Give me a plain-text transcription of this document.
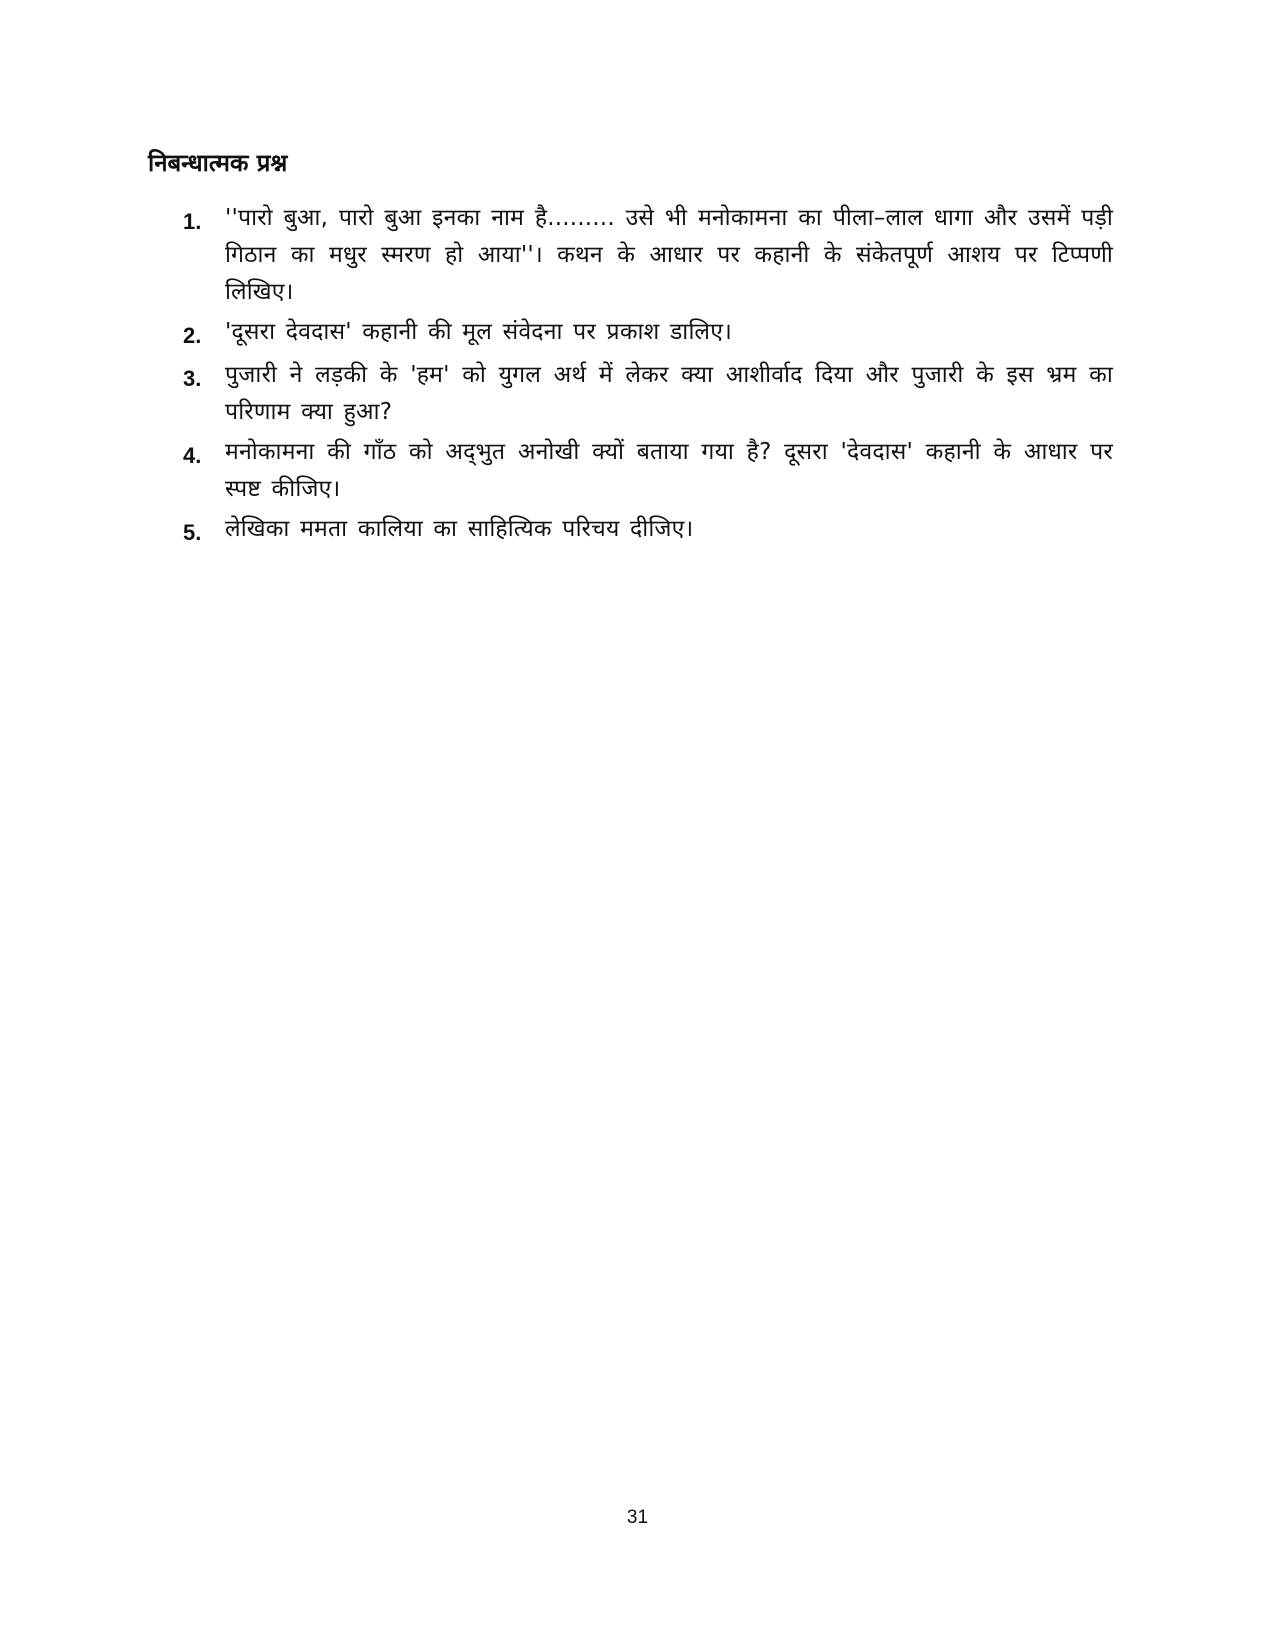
निबन्धात्मक प्रश्न
1.	''पारो बुआ, पारो बुआ इनका नाम है......... उसे भी मनोकामना का पीला–लाल धागा और उसमें पड़ी गिठान का मधुर स्मरण हो आया''। कथन के आधार पर कहानी के संकेतपूर्ण आशय पर टिप्पणी लिखिए।
2.	'दूसरा देवदास' कहानी की मूल संवेदना पर प्रकाश डालिए।
3.	पुजारी ने लड़की के 'हम' को युगल अर्थ में लेकर क्या आशीर्वाद दिया और पुजारी के इस भ्रम का परिणाम क्या हुआ?
4.	मनोकामना की गाँठ को अद्‌भुत अनोखी क्यों बताया गया है? दूसरा 'देवदास' कहानी के आधार पर स्पष्ट कीजिए।
5.	लेखिका ममता कालिया का साहित्यिक परिचय दीजिए।
31
